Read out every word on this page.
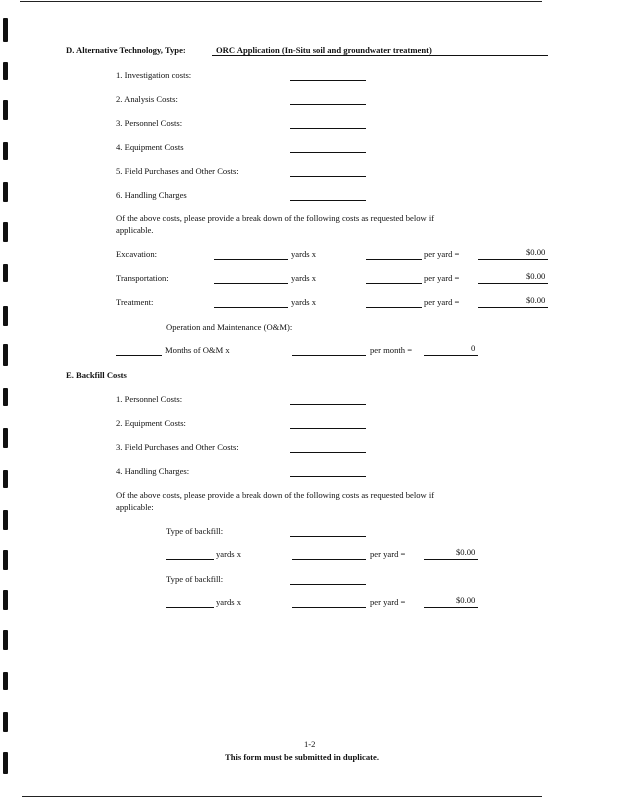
D. Alternative Technology, Type:	ORC Application (In-Situ soil and groundwater treatment)
1. Investigation costs:
2. Analysis Costs:
3. Personnel Costs:
4. Equipment Costs
5. Field Purchases and Other Costs:
6. Handling Charges
Of the above costs, please provide a break down of the following costs as requested below if
applicable.
Excavation:	yards x	per yard =	$0.00
Transportation:	yards x	per yard =	$0.00
Treatment:	yards x	per yard =	$0.00
Operation and Maintenance (O&M):
Months of O&M x	per month =	0
E. Backfill Costs
1. Personnel Costs:
2. Equipment Costs:
3. Field Purchases and Other Costs:
4. Handling Charges:
Of the above costs, please provide a break down of the following costs as requested below if
applicable:
Type of backfill:
yards x	per yard =	$0.00
Type of backfill:
yards x	per yard =	$0.00
1-2
This form must be submitted in duplicate.
